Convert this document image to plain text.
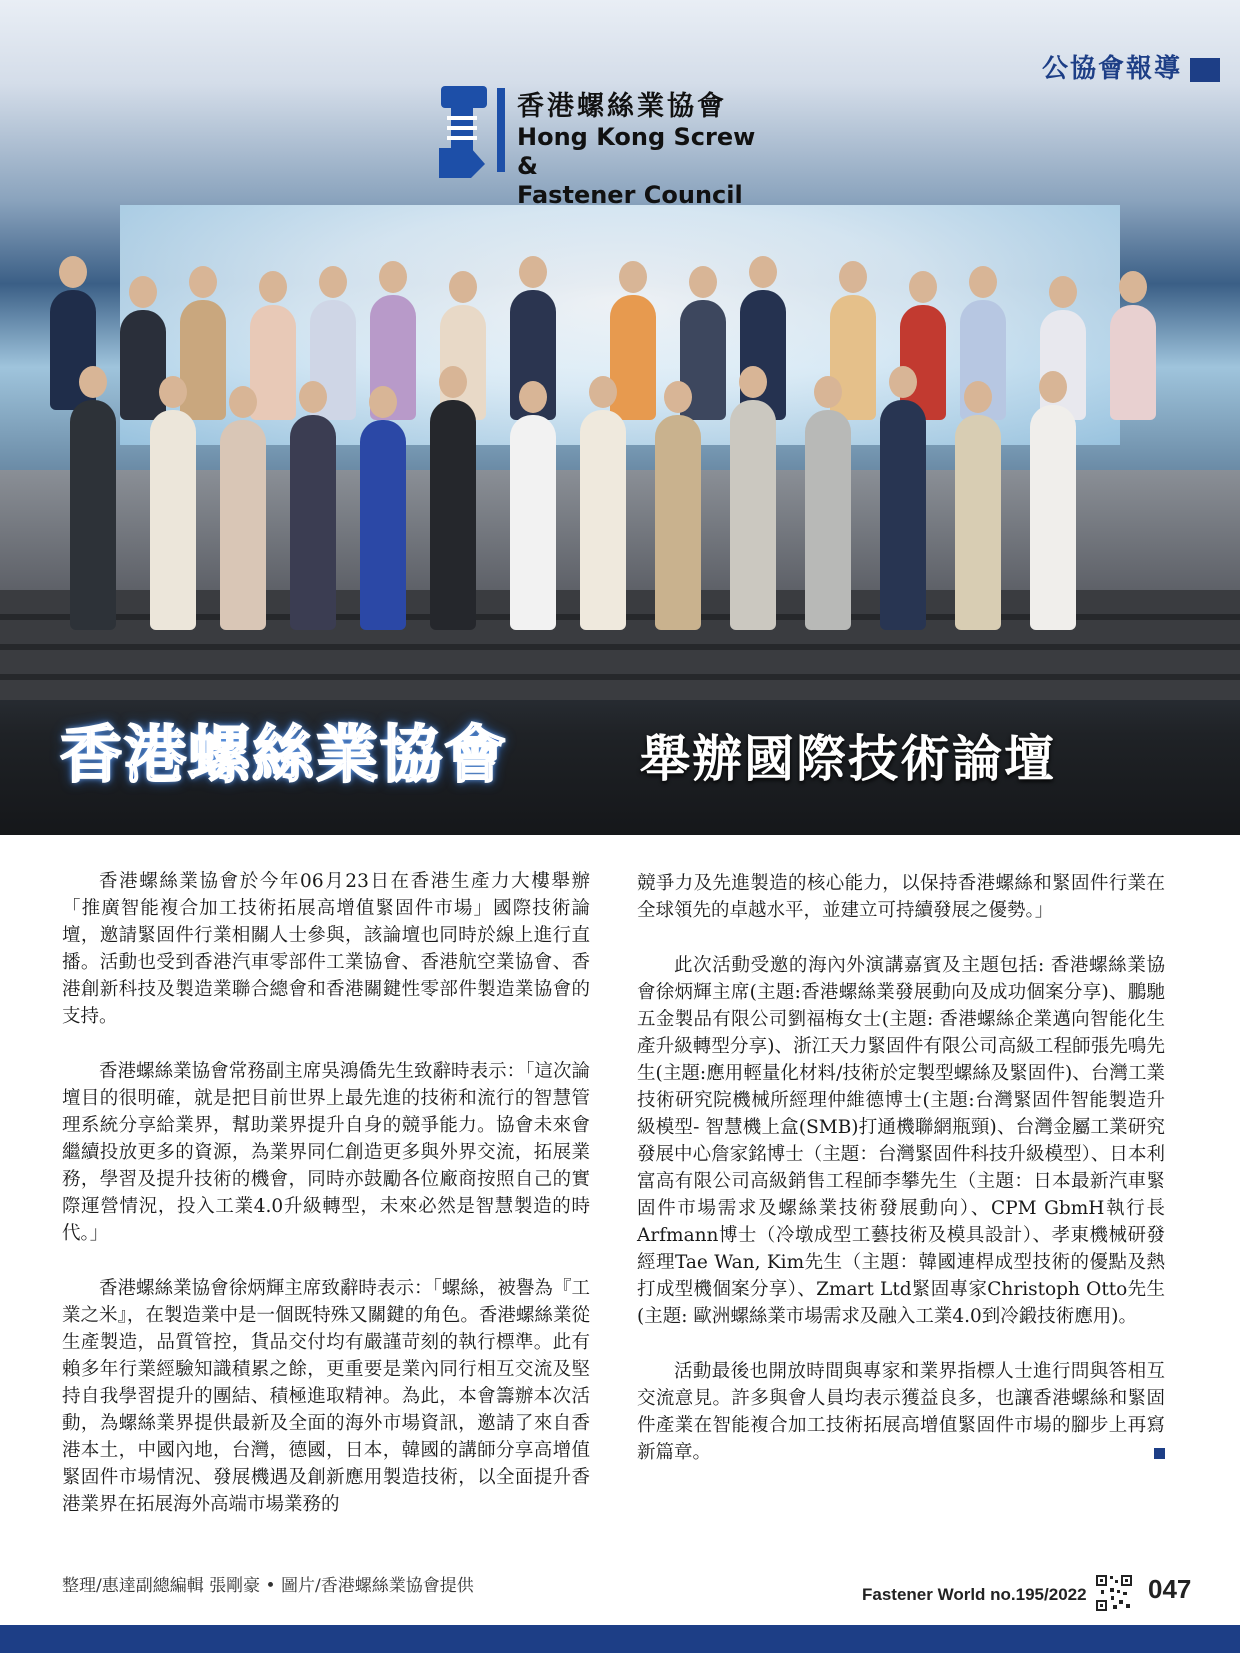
公協會報導
香港螺絲業協會
Hong Kong Screw &
Fastener Council
香港螺絲業協會	舉辦國際技術論壇

香港螺絲業協會於今年06月23日在香港生產力大樓舉辦「推廣智能複合加工技術拓展高增值緊固件市場」國際技術論壇，邀請緊固件行業相關人士參與，該論壇也同時於線上進行直播。活動也受到香港汽車零部件工業協會、香港航空業協會、香港創新科技及製造業聯合總會和香港關鍵性零部件製造業協會的支持。

香港螺絲業協會常務副主席吳鴻僑先生致辭時表示：「這次論壇目的很明確，就是把目前世界上最先進的技術和流行的智慧管理系統分享給業界，幫助業界提升自身的競爭能力。協會未來會繼續投放更多的資源，為業界同仁創造更多與外界交流，拓展業務，學習及提升技術的機會，同時亦鼓勵各位廠商按照自己的實際運營情況，投入工業4.0升級轉型，未來必然是智慧製造的時代。」

香港螺絲業協會徐炳輝主席致辭時表示：「螺絲，被譽為『工業之米』，在製造業中是一個既特殊又關鍵的角色。香港螺絲業從生產製造，品質管控，貨品交付均有嚴謹苛刻的執行標準。此有賴多年行業經驗知識積累之餘，更重要是業內同行相互交流及堅持自我學習提升的團結、積極進取精神。為此，本會籌辦本次活動，為螺絲業界提供最新及全面的海外市場資訊，邀請了來自香港本土，中國內地，台灣，德國，日本，韓國的講師分享高增值緊固件市場情況、發展機遇及創新應用製造技術，以全面提升香港業界在拓展海外高端市場業務的

競爭力及先進製造的核心能力，以保持香港螺絲和緊固件行業在全球領先的卓越水平，並建立可持續發展之優勢。」

此次活動受邀的海內外演講嘉賓及主題包括: 香港螺絲業協會徐炳輝主席(主題:香港螺絲業發展動向及成功個案分享)、鵬馳五金製品有限公司劉福梅女士(主題: 香港螺絲企業邁向智能化生產升級轉型分享)、浙江天力緊固件有限公司高級工程師張先鳴先生(主題:應用輕量化材料/技術於定製型螺絲及緊固件)、台灣工業技術研究院機械所經理仲維德博士(主題:台灣緊固件智能製造升級模型- 智慧機上盒(SMB)打通機聯網瓶頸)、台灣金屬工業研究發展中心詹家銘博士（主題：台灣緊固件科技升級模型）、日本利富高有限公司高級銷售工程師李攀先生（主題：日本最新汽車緊固件市場需求及螺絲業技術發展動向）、CPM GbmH執行長Arfmann博士（冷墩成型工藝技術及模具設計）、孝東機械研發經理Tae Wan, Kim先生（主題：韓國連桿成型技術的優點及熱打成型機個案分享）、Zmart Ltd緊固專家Christoph Otto先生(主題: 歐洲螺絲業市場需求及融入工業4.0到冷鍛技術應用)。

活動最後也開放時間與專家和業界指標人士進行問與答相互交流意見。許多與會人員均表示獲益良多，也讓香港螺絲和緊固件產業在智能複合加工技術拓展高增值緊固件市場的腳步上再寫新篇章。

整理/惠達副總編輯 張剛豪 • 圖片/香港螺絲業協會提供	Fastener World no.195/2022 047
